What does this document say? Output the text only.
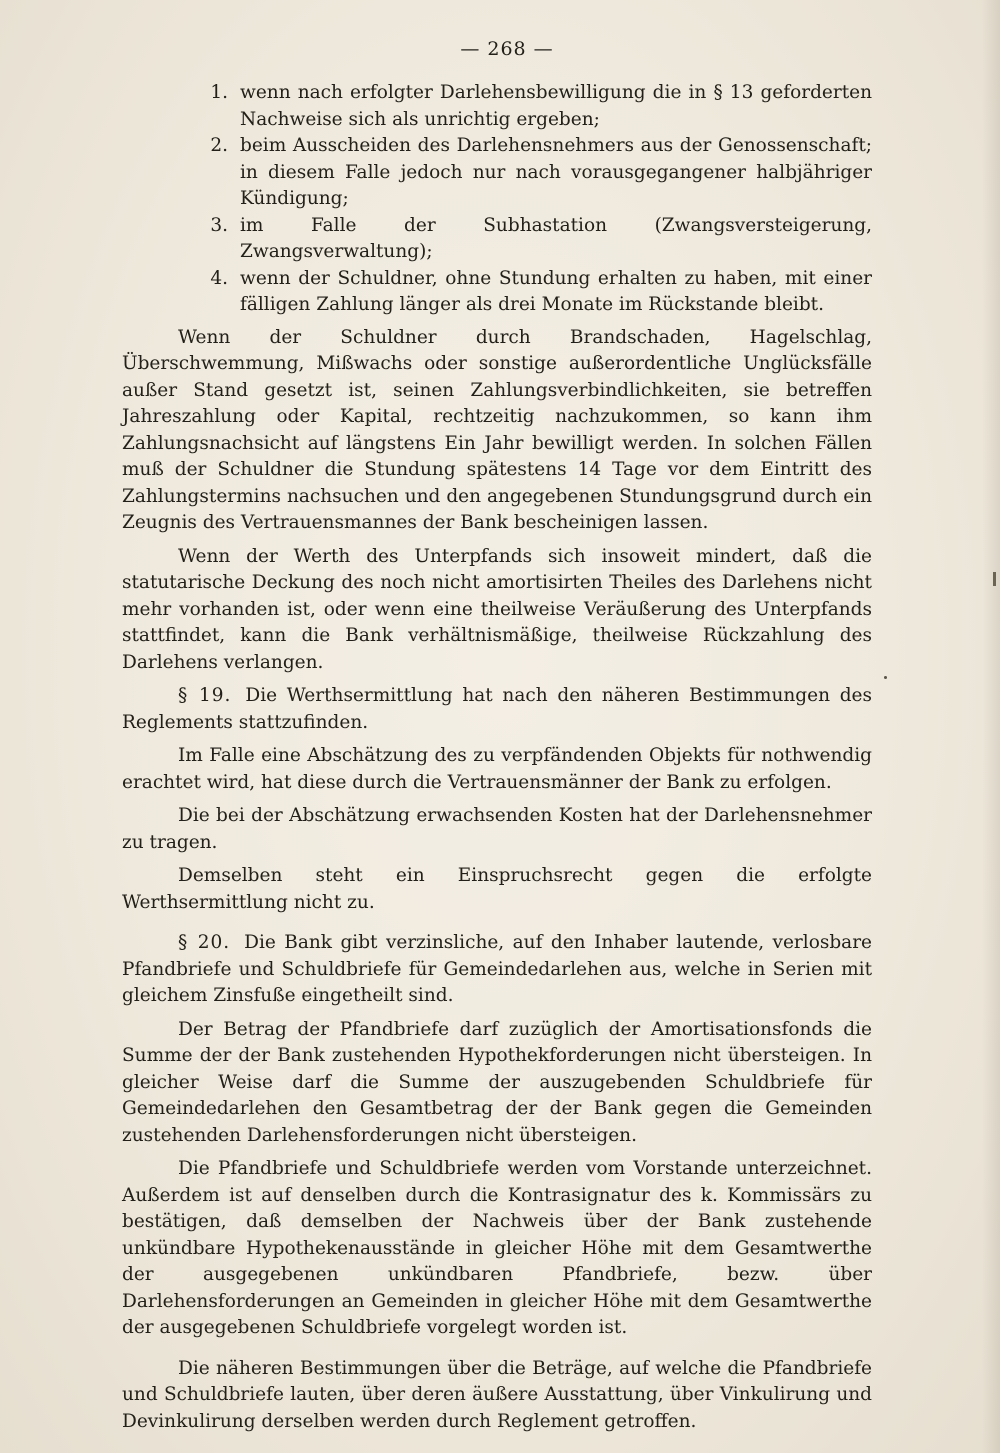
— 268 —
1. wenn nach erfolgter Darlehensbewilligung die in § 13 geforderten Nachweise sich als unrichtig ergeben;
2. beim Ausscheiden des Darlehensnehmers aus der Genossenschaft; in diesem Falle jedoch nur nach vorausgegangener halbjähriger Kündigung;
3. im Falle der Subhastation (Zwangsversteigerung, Zwangsverwaltung);
4. wenn der Schuldner, ohne Stundung erhalten zu haben, mit einer fälligen Zahlung länger als drei Monate im Rückstande bleibt.

Wenn der Schuldner durch Brandschaden, Hagelschlag, Überschwemmung, Mißwachs oder sonstige außerordentliche Unglücksfälle außer Stand gesetzt ist, seinen Zahlungsverbindlichkeiten, sie betreffen Jahreszahlung oder Kapital, rechtzeitig nachzukommen, so kann ihm Zahlungsnachsicht auf längstens Ein Jahr bewilligt werden. In solchen Fällen muß der Schuldner die Stundung spätestens 14 Tage vor dem Eintritt des Zahlungstermins nachsuchen und den angegebenen Stundungsgrund durch ein Zeugnis des Vertrauensmannes der Bank bescheinigen lassen.

Wenn der Werth des Unterpfands sich insoweit mindert, daß die statutarische Deckung des noch nicht amortisirten Theiles des Darlehens nicht mehr vorhanden ist, oder wenn eine theilweise Veräußerung des Unterpfands stattfindet, kann die Bank verhältnismäßige, theilweise Rückzahlung des Darlehens verlangen.

§ 19. Die Werthsermittlung hat nach den näheren Bestimmungen des Reglements stattzufinden.

Im Falle eine Abschätzung des zu verpfändenden Objekts für nothwendig erachtet wird, hat diese durch die Vertrauensmänner der Bank zu erfolgen.

Die bei der Abschätzung erwachsenden Kosten hat der Darlehensnehmer zu tragen.

Demselben steht ein Einspruchsrecht gegen die erfolgte Werthsermittlung nicht zu.

§ 20. Die Bank gibt verzinsliche, auf den Inhaber lautende, verlosbare Pfandbriefe und Schuldbriefe für Gemeindedarlehen aus, welche in Serien mit gleichem Zinsfuße eingetheilt sind.

Der Betrag der Pfandbriefe darf zuzüglich der Amortisationsfonds die Summe der der Bank zustehenden Hypothekforderungen nicht übersteigen. In gleicher Weise darf die Summe der auszugebenden Schuldbriefe für Gemeindedarlehen den Gesamtbetrag der der Bank gegen die Gemeinden zustehenden Darlehensforderungen nicht übersteigen.

Die Pfandbriefe und Schuldbriefe werden vom Vorstande unterzeichnet. Außerdem ist auf denselben durch die Kontrasignatur des k. Kommissärs zu bestätigen, daß demselben der Nachweis über der Bank zustehende unkündbare Hypothekenausstände in gleicher Höhe mit dem Gesamtwerthe der ausgegebenen unkündbaren Pfandbriefe, bezw. über Darlehensforderungen an Gemeinden in gleicher Höhe mit dem Gesamtwerthe der ausgegebenen Schuldbriefe vorgelegt worden ist.

Die näheren Bestimmungen über die Beträge, auf welche die Pfandbriefe und Schuldbriefe lauten, über deren äußere Ausstattung, über Vinkulirung und Devinkulirung derselben werden durch Reglement getroffen.
